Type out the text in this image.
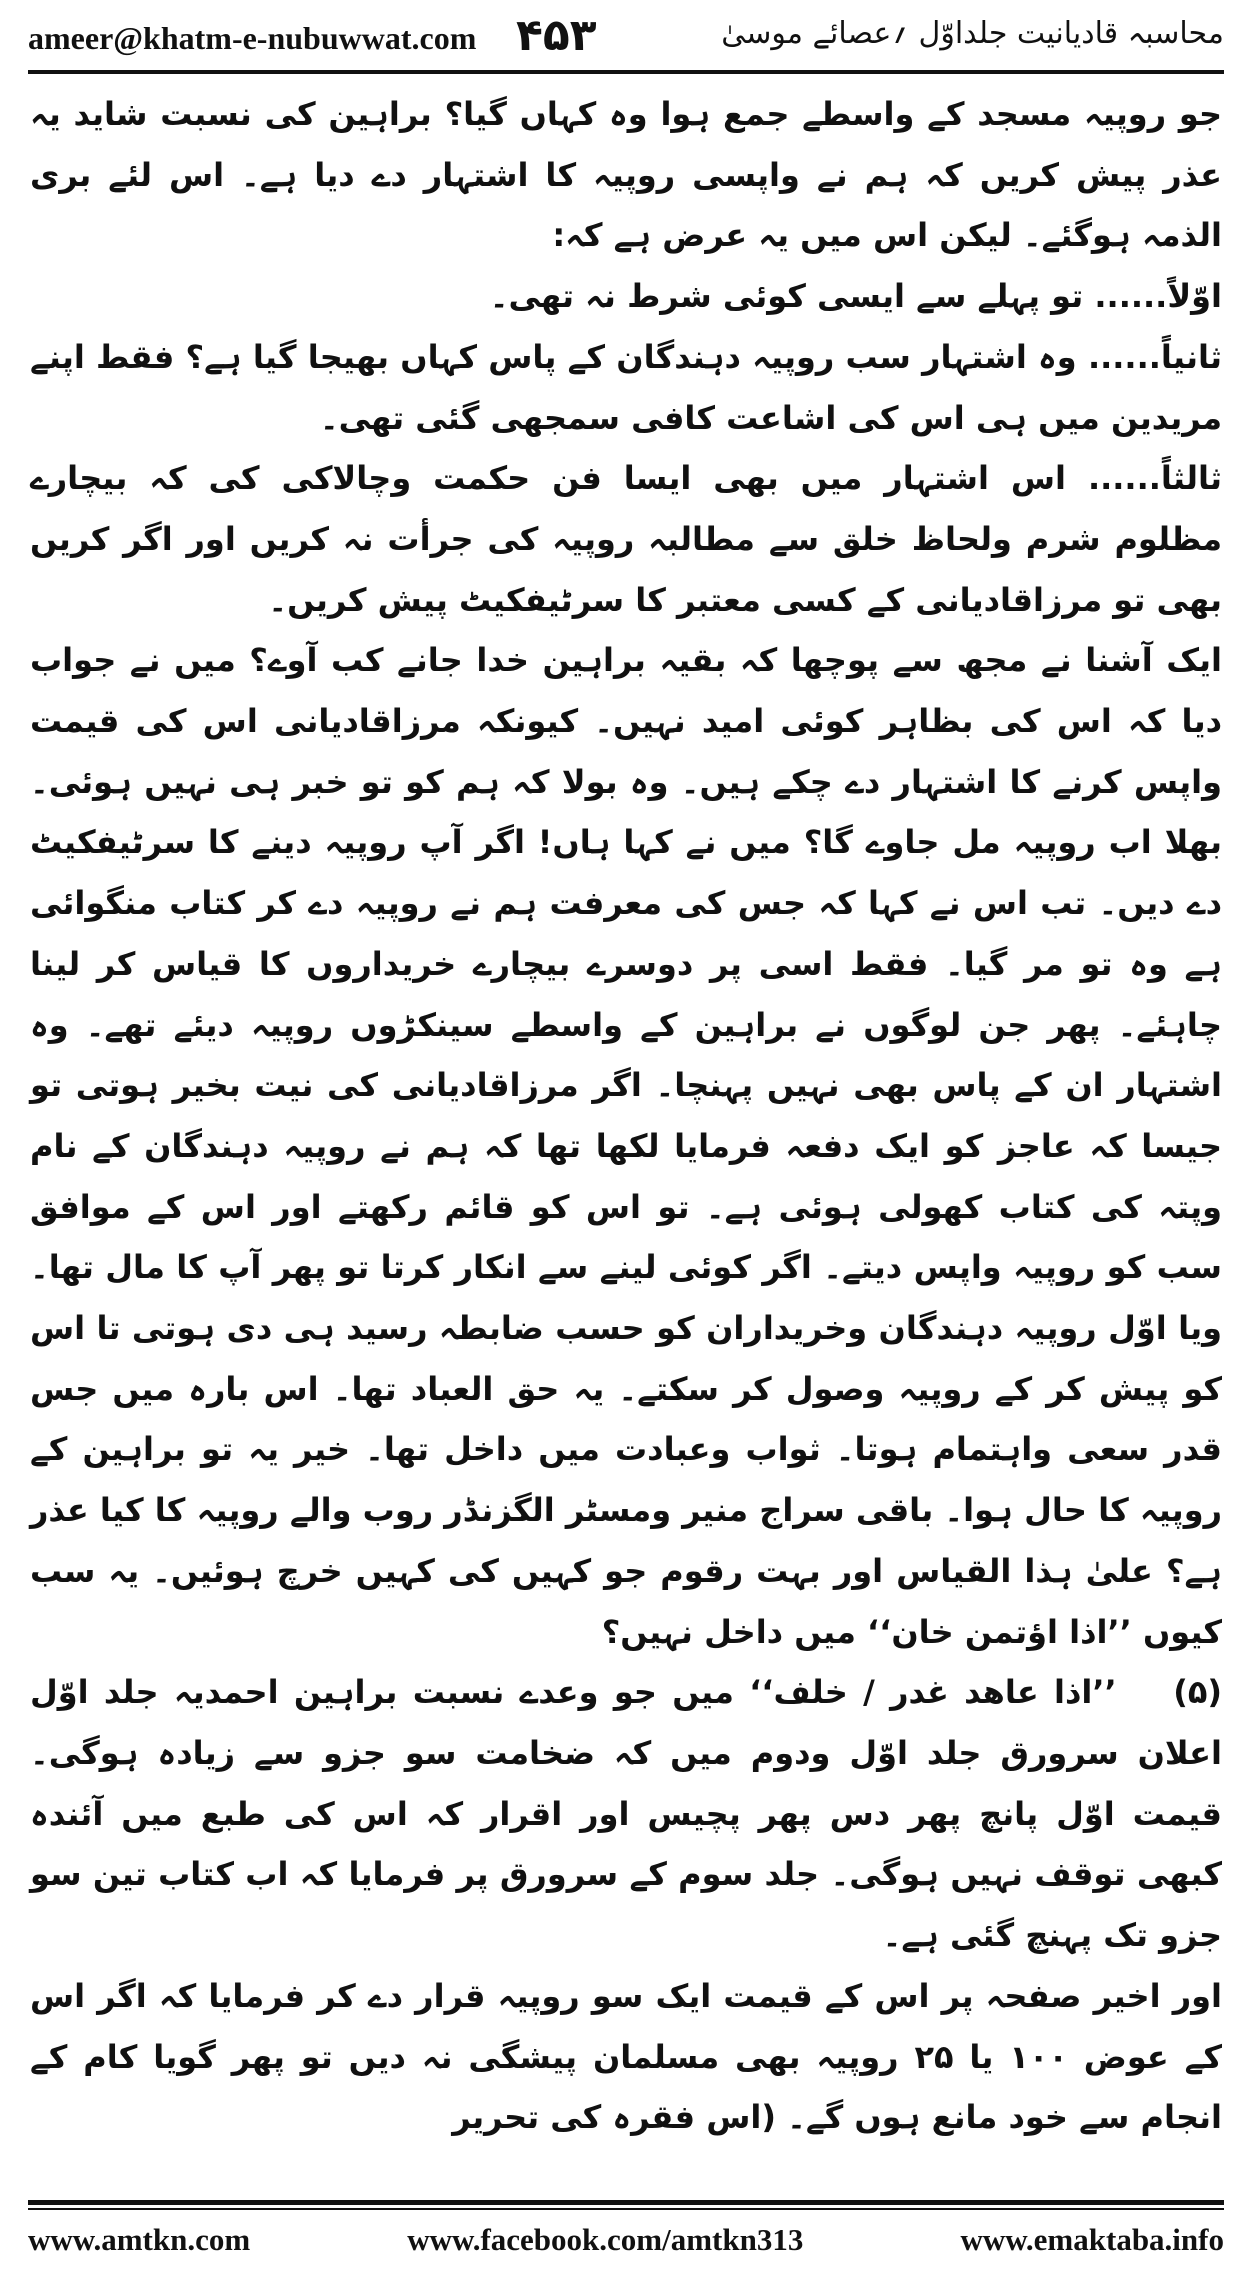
ameer@khatm-e-nubuwwat.com ۴۵۳	محاسبہ قادیانیت جلداوّل ؍عصائے موسیٰ

جو روپیہ مسجد کے واسطے جمع ہوا وہ کہاں گیا؟ براہین کی نسبت شاید یہ عذر پیش کریں کہ ہم نے واپسی روپیہ کا اشتہار دے دیا ہے۔ اس لئے بری الذمہ ہوگئے۔ لیکن اس میں یہ عرض ہے کہ:

اوّلاً...... تو پہلے سے ایسی کوئی شرط نہ تھی۔

ثانیاً...... وہ اشتہار سب روپیہ دہندگان کے پاس کہاں بھیجا گیا ہے؟ فقط اپنے مریدین میں ہی اس کی اشاعت کافی سمجھی گئی تھی۔

ثالثاً...... اس اشتہار میں بھی ایسا فن حکمت وچالاکی کی کہ بیچارے مظلوم شرم ولحاظ خلق سے مطالبہ روپیہ کی جرأت نہ کریں اور اگر کریں بھی تو مرزاقادیانی کے کسی معتبر کا سرٹیفکیٹ پیش کریں۔

ایک آشنا نے مجھ سے پوچھا کہ بقیہ براہین خدا جانے کب آوے؟ میں نے جواب دیا کہ اس کی بظاہر کوئی امید نہیں۔ کیونکہ مرزاقادیانی اس کی قیمت واپس کرنے کا اشتہار دے چکے ہیں۔ وہ بولا کہ ہم کو تو خبر ہی نہیں ہوئی۔ بھلا اب روپیہ مل جاوے گا؟ میں نے کہا ہاں! اگر آپ روپیہ دینے کا سرٹیفکیٹ دے دیں۔ تب اس نے کہا کہ جس کی معرفت ہم نے روپیہ دے کر کتاب منگوائی ہے وہ تو مر گیا۔ فقط اسی پر دوسرے بیچارے خریداروں کا قیاس کر لینا چاہئے۔ پھر جن لوگوں نے براہین کے واسطے سینکڑوں روپیہ دیئے تھے۔ وہ اشتہار ان کے پاس بھی نہیں پہنچا۔ اگر مرزاقادیانی کی نیت بخیر ہوتی تو جیسا کہ عاجز کو ایک دفعہ فرمایا لکھا تھا کہ ہم نے روپیہ دہندگان کے نام وپتہ کی کتاب کھولی ہوئی ہے۔ تو اس کو قائم رکھتے اور اس کے موافق سب کو روپیہ واپس دیتے۔ اگر کوئی لینے سے انکار کرتا تو پھر آپ کا مال تھا۔ ویا اوّل روپیہ دہندگان وخریداران کو حسب ضابطہ رسید ہی دی ہوتی تا اس کو پیش کر کے روپیہ وصول کر سکتے۔ یہ حق العباد تھا۔ اس بارہ میں جس قدر سعی واہتمام ہوتا۔ ثواب وعبادت میں داخل تھا۔ خیر یہ تو براہین کے روپیہ کا حال ہوا۔ باقی سراج منیر ومسٹر الگزنڈر روب والے روپیہ کا کیا عذر ہے؟ علیٰ ہذا القیاس اور بہت رقوم جو کہیں کی کہیں خرچ ہوئیں۔ یہ سب کیوں ’’اذا اؤتمن خان‘‘ میں داخل نہیں؟

(۵) ’’اذا عاهد غدر / خلف‘‘ میں جو وعدے نسبت براہین احمدیہ جلد اوّل اعلان سرورق جلد اوّل ودوم میں کہ ضخامت سو جزو سے زیادہ ہوگی۔ قیمت اوّل پانچ پھر دس پھر پچیس اور اقرار کہ اس کی طبع میں آئندہ کبھی توقف نہیں ہوگی۔ جلد سوم کے سرورق پر فرمایا کہ اب کتاب تین سو جزو تک پہنچ گئی ہے۔

اور اخیر صفحہ پر اس کے قیمت ایک سو روپیہ قرار دے کر فرمایا کہ اگر اس کے عوض ۱۰۰ یا ۲۵ روپیہ بھی مسلمان پیشگی نہ دیں تو پھر گویا کام کے انجام سے خود مانع ہوں گے۔ (اس فقرہ کی تحریر

www.amtkn.com	www.facebook.com/amtkn313	www.emaktaba.info
